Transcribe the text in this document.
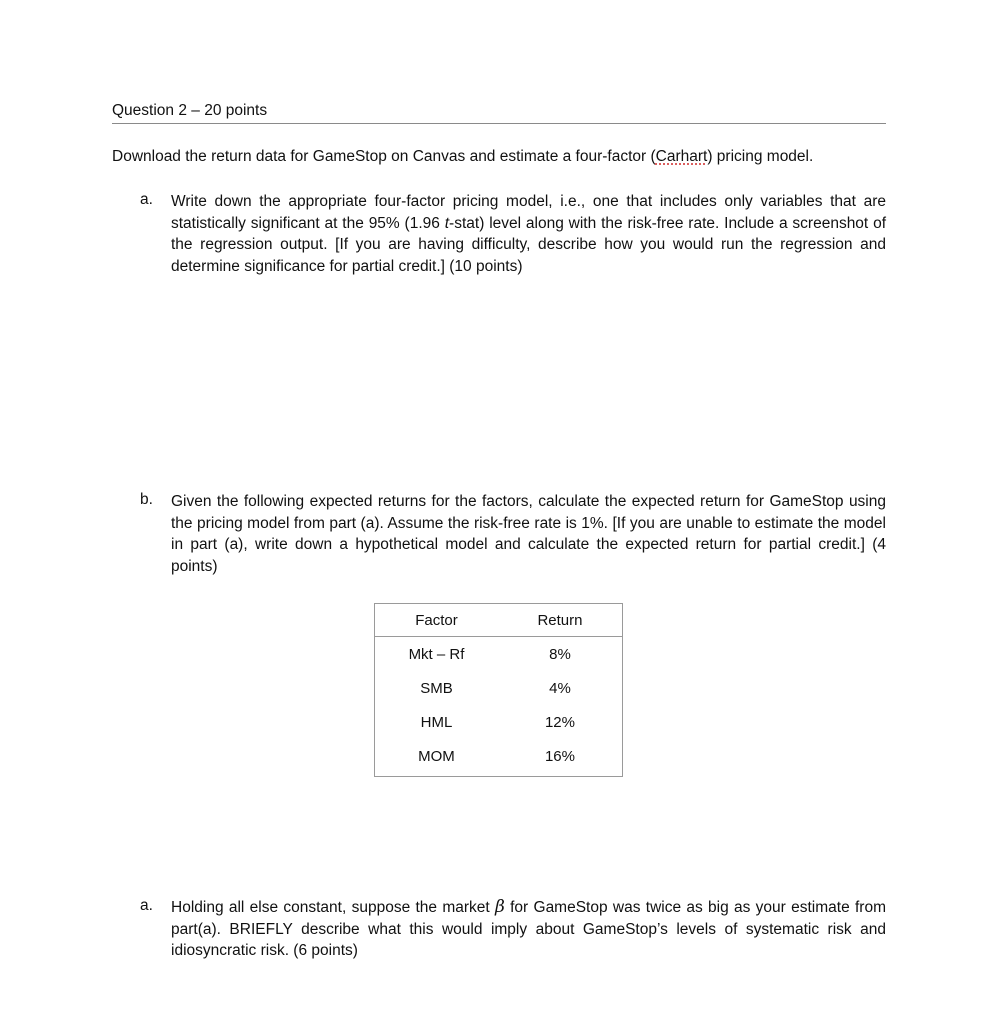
Question 2 – 20 points
Download the return data for GameStop on Canvas and estimate a four-factor (Carhart) pricing model.
a.	Write down the appropriate four-factor pricing model, i.e., one that includes only variables that are statistically significant at the 95% (1.96 t-stat) level along with the risk-free rate. Include a screenshot of the regression output. [If you are having difficulty, describe how you would run the regression and determine significance for partial credit.] (10 points)
b.	Given the following expected returns for the factors, calculate the expected return for GameStop using the pricing model from part (a). Assume the risk-free rate is 1%. [If you are unable to estimate the model in part (a), write down a hypothetical model and calculate the expected return for partial credit.] (4 points)
Factor	Return
Mkt – Rf	8%
SMB	4%
HML	12%
MOM	16%
a.	Holding all else constant, suppose the market β for GameStop was twice as big as your estimate from part(a). BRIEFLY describe what this would imply about GameStop’s levels of systematic risk and idiosyncratic risk. (6 points)
